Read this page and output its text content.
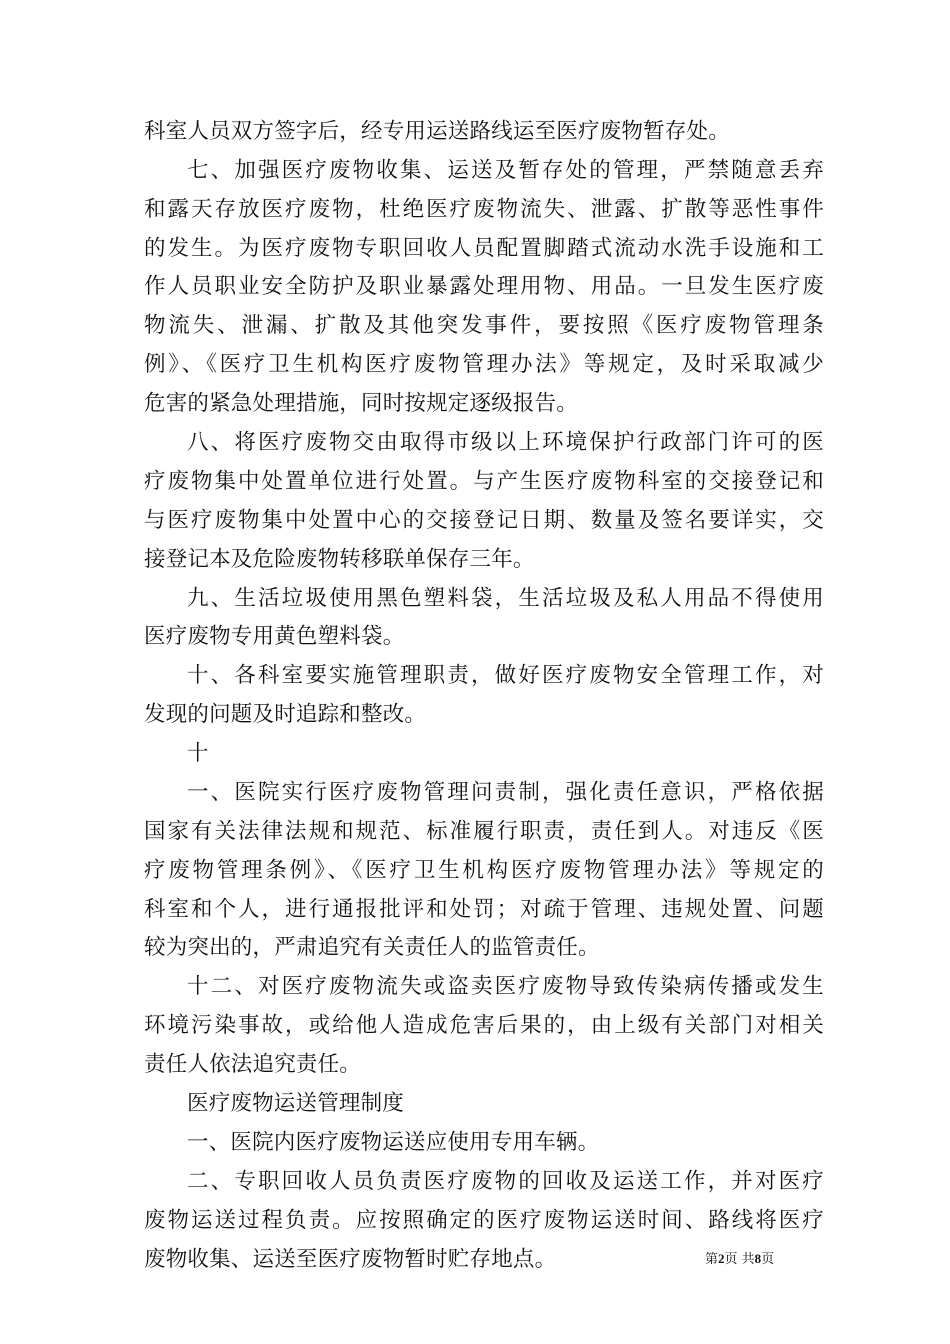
科室人员双方签字后，经专用运送路线运至医疗废物暂存处。
七、加强医疗废物收集、运送及暂存处的管理，严禁随意丢弃
和露天存放医疗废物，杜绝医疗废物流失、泄露、扩散等恶性事件
的发生。为医疗废物专职回收人员配置脚踏式流动水洗手设施和工
作人员职业安全防护及职业暴露处理用物、用品。一旦发生医疗废
物流失、泄漏、扩散及其他突发事件，要按照《医疗废物管理条
例》、《医疗卫生机构医疗废物管理办法》等规定，及时采取减少
危害的紧急处理措施，同时按规定逐级报告。
八、将医疗废物交由取得市级以上环境保护行政部门许可的医
疗废物集中处置单位进行处置。与产生医疗废物科室的交接登记和
与医疗废物集中处置中心的交接登记日期、数量及签名要详实，交
接登记本及危险废物转移联单保存三年。
九、生活垃圾使用黑色塑料袋，生活垃圾及私人用品不得使用
医疗废物专用黄色塑料袋。
十、各科室要实施管理职责，做好医疗废物安全管理工作，对
发现的问题及时追踪和整改。
十
一、医院实行医疗废物管理问责制，强化责任意识，严格依据
国家有关法律法规和规范、标准履行职责，责任到人。对违反《医
疗废物管理条例》、《医疗卫生机构医疗废物管理办法》等规定的
科室和个人，进行通报批评和处罚；对疏于管理、违规处置、问题
较为突出的，严肃追究有关责任人的监管责任。
十二、对医疗废物流失或盗卖医疗废物导致传染病传播或发生
环境污染事故，或给他人造成危害后果的，由上级有关部门对相关
责任人依法追究责任。
医疗废物运送管理制度
一、医院内医疗废物运送应使用专用车辆。
二、专职回收人员负责医疗废物的回收及运送工作，并对医疗
废物运送过程负责。应按照确定的医疗废物运送时间、路线将医疗
废物收集、运送至医疗废物暂时贮存地点。	第2页 共8页
